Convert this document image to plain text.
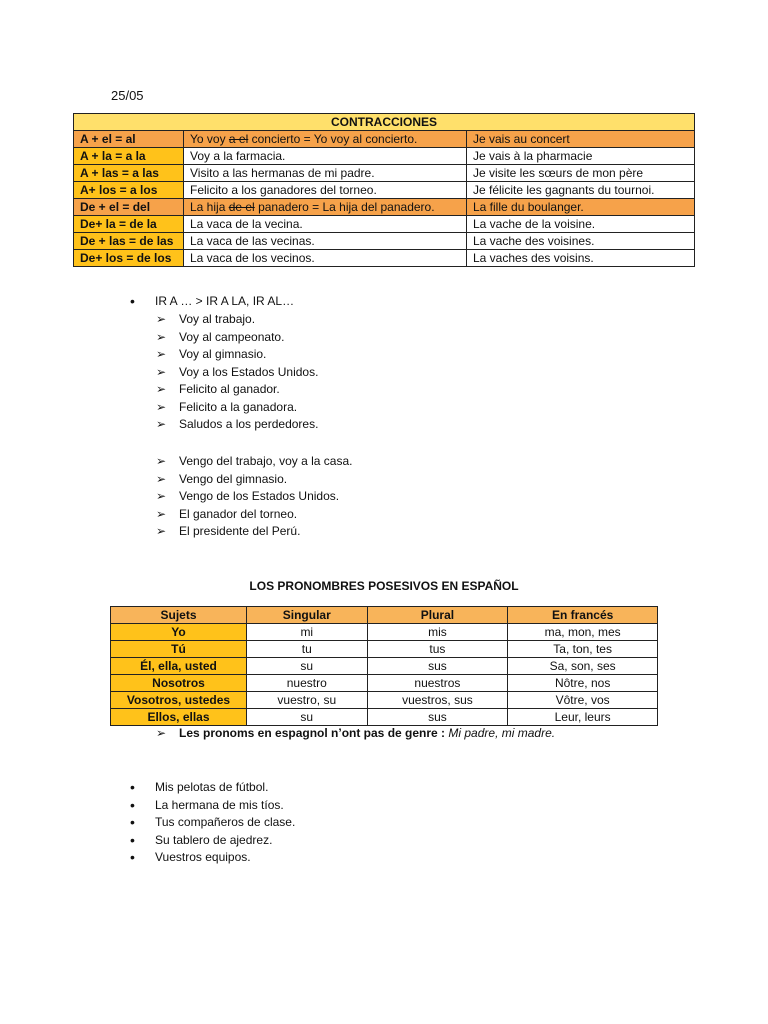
25/05
CONTRACCIONES		
A + el = al	Yo voy a el concierto = Yo voy al concierto.	Je vais au concert
A + la = a la	Voy a la farmacia.	Je vais à la pharmacie
A + las = a las	Visito a las hermanas de mi padre.	Je visite les sœurs de mon père
A+ los = a los	Felicito a los ganadores del torneo.	Je félicite les gagnants du tournoi.
De + el = del	La hija de el panadero = La hija del panadero.	La fille du boulanger.
De+ la = de la	La vaca de la vecina.	La vache de la voisine.
De + las = de las	La vaca de las vecinas.	La vache des voisines.
De+ los = de los	La vaca de los vecinos.	La vaches des voisins.
• IR A … > IR A LA, IR AL…
➢ Voy al trabajo.
➢ Voy al campeonato.
➢ Voy al gimnasio.
➢ Voy a los Estados Unidos.
➢ Felicito al ganador.
➢ Felicito a la ganadora.
➢ Saludos a los perdedores.
➢ Vengo del trabajo, voy a la casa.
➢ Vengo del gimnasio.
➢ Vengo de los Estados Unidos.
➢ El ganador del torneo.
➢ El presidente del Perú.
LOS PRONOMBRES POSESIVOS EN ESPAÑOL
Sujets	Singular	Plural	En francés
Yo	mi	mis	ma, mon, mes
Tú	tu	tus	Ta, ton, tes
Él, ella, usted	su	sus	Sa, son, ses
Nosotros	nuestro	nuestros	Nôtre, nos
Vosotros, ustedes	vuestro, su	vuestros, sus	Vôtre, vos
Ellos, ellas	su	sus	Leur, leurs
➢ Les pronoms en espagnol n’ont pas de genre : Mi padre, mi madre.
• Mis pelotas de fútbol.
• La hermana de mis tíos.
• Tus compañeros de clase.
• Su tablero de ajedrez.
• Vuestros equipos.
